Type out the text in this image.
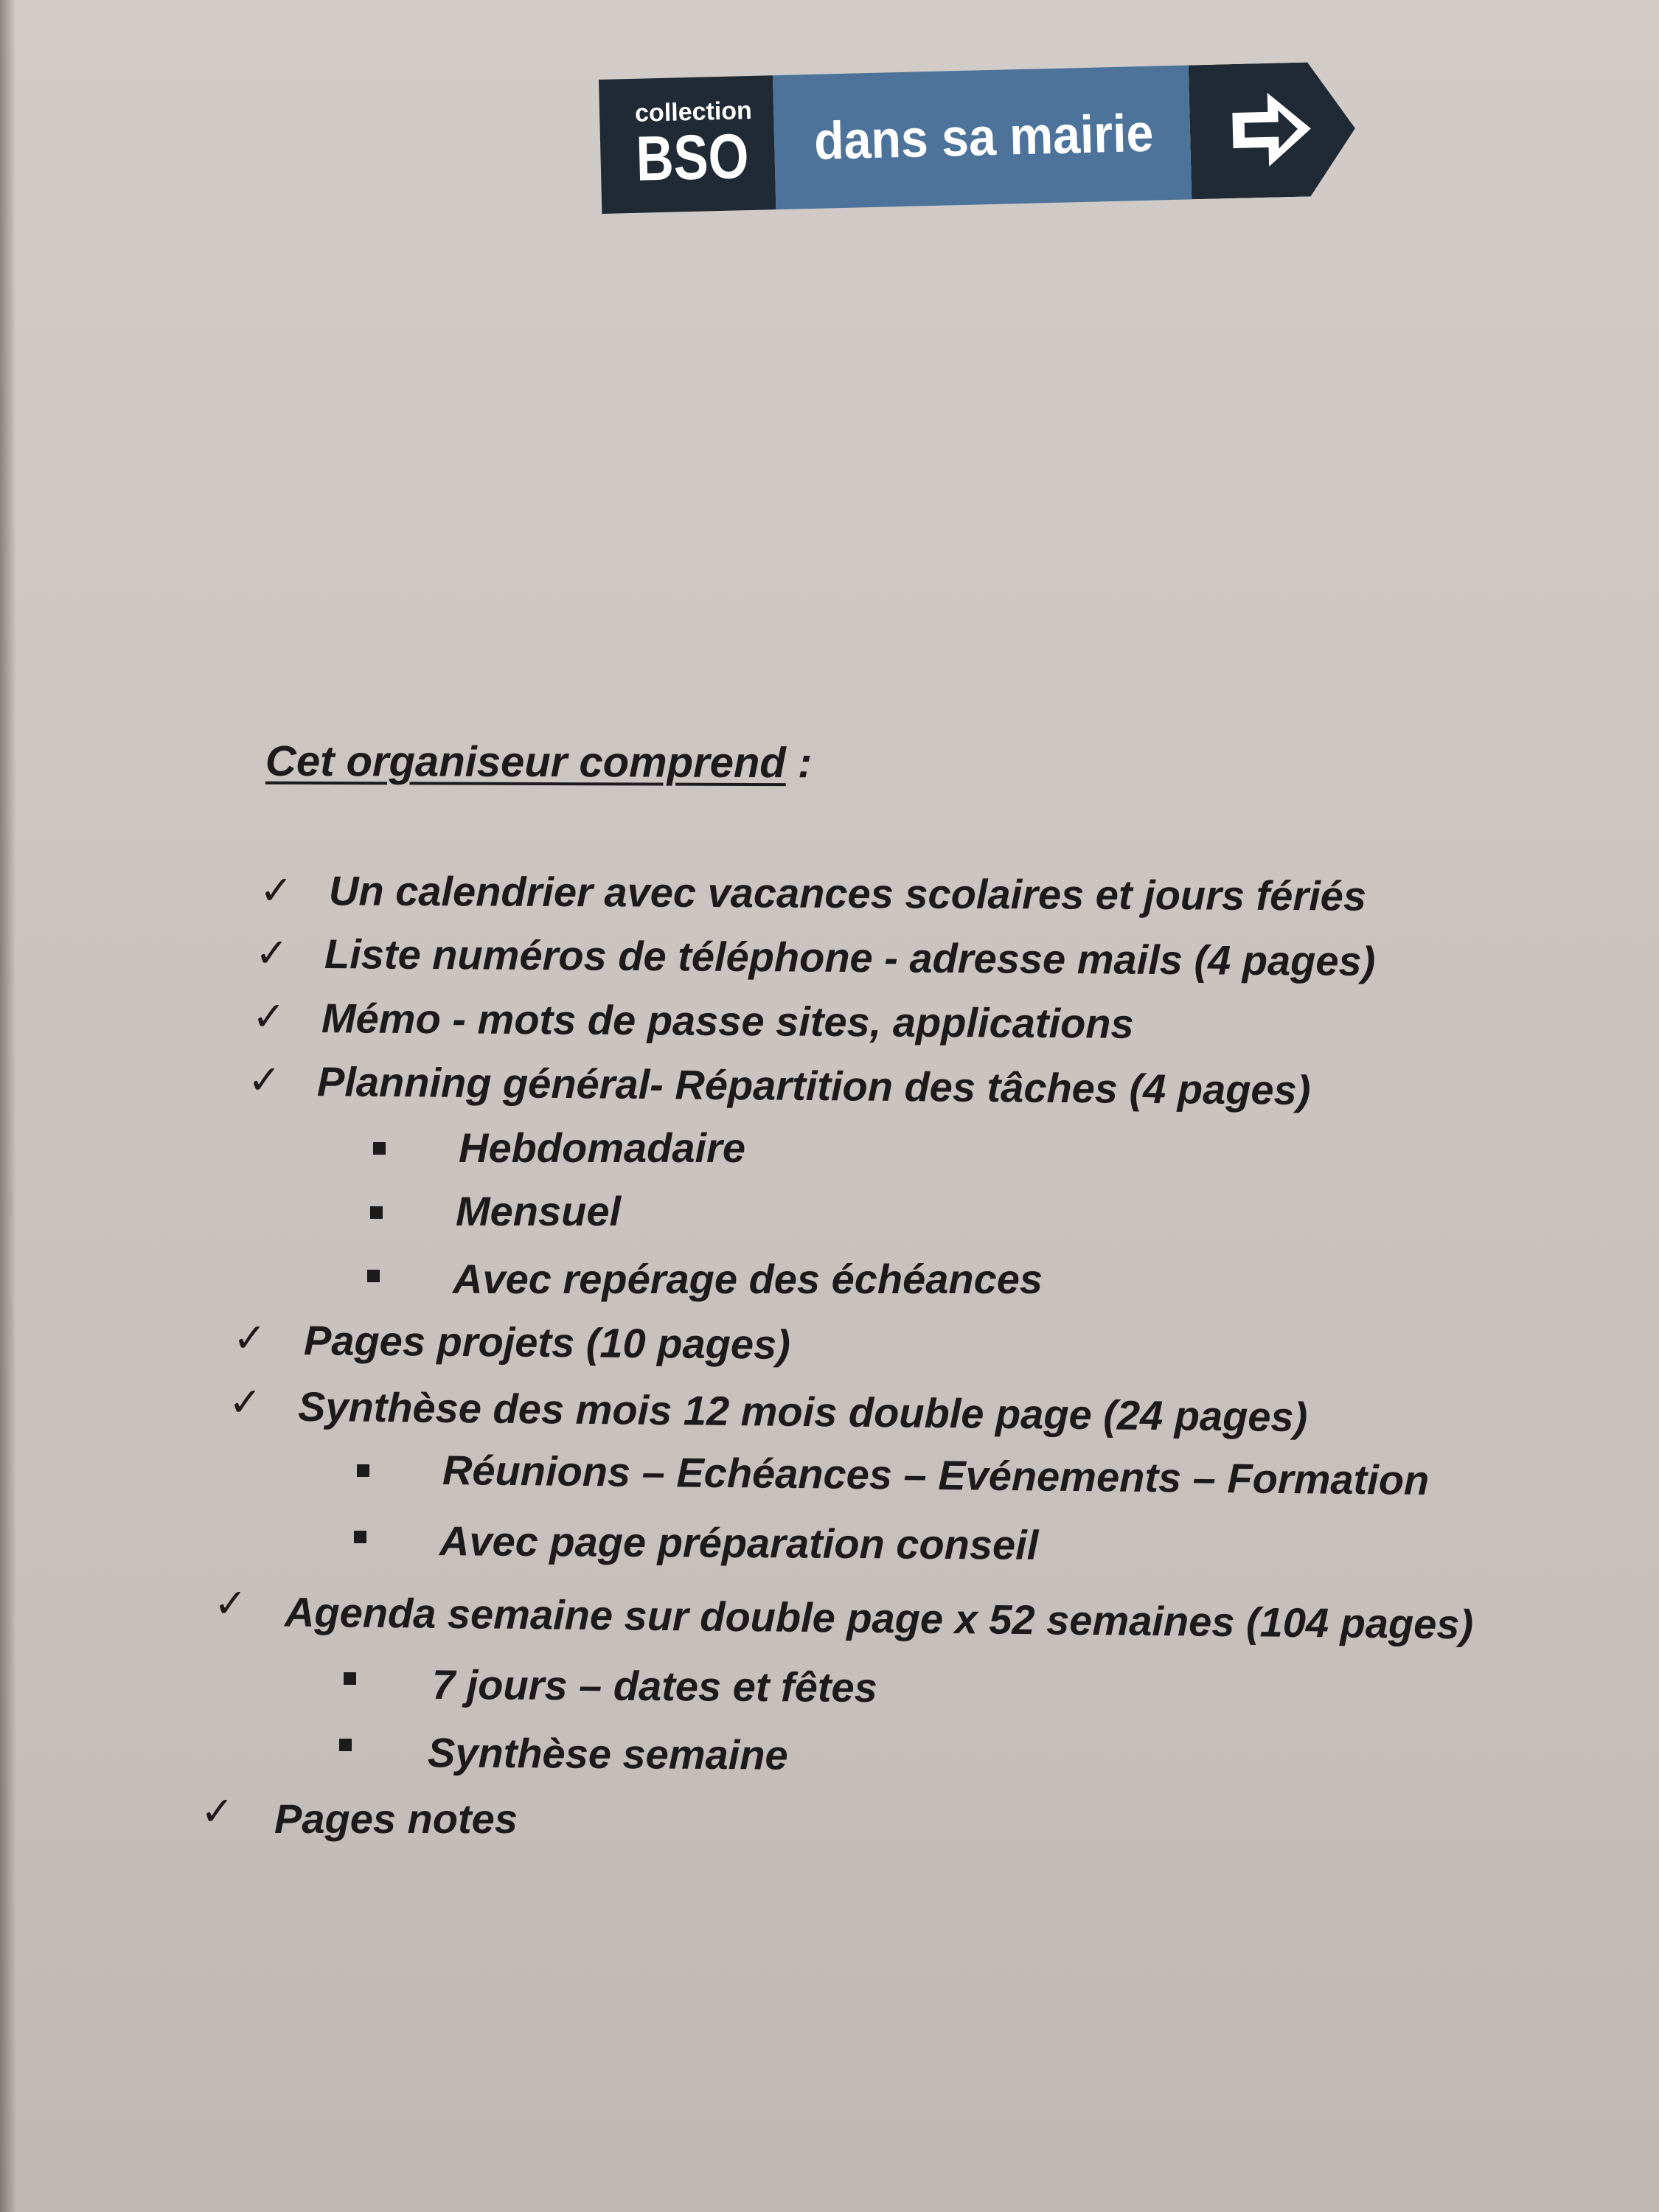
collection
BSO dans sa mairie
Cet organiseur comprend :
✓ Un calendrier avec vacances scolaires et jours fériés
✓ Liste numéros de téléphone - adresse mails (4 pages)
✓ Mémo - mots de passe sites, applications
✓ Planning général- Répartition des tâches (4 pages)
Hebdomadaire
Mensuel
Avec repérage des échéances
✓ Pages projets (10 pages)
✓ Synthèse des mois 12 mois double page (24 pages)
Réunions – Echéances – Evénements – Formation
Avec page préparation conseil
✓ Agenda semaine sur double page x 52 semaines (104 pages)
7 jours – dates et fêtes
Synthèse semaine
✓ Pages notes
